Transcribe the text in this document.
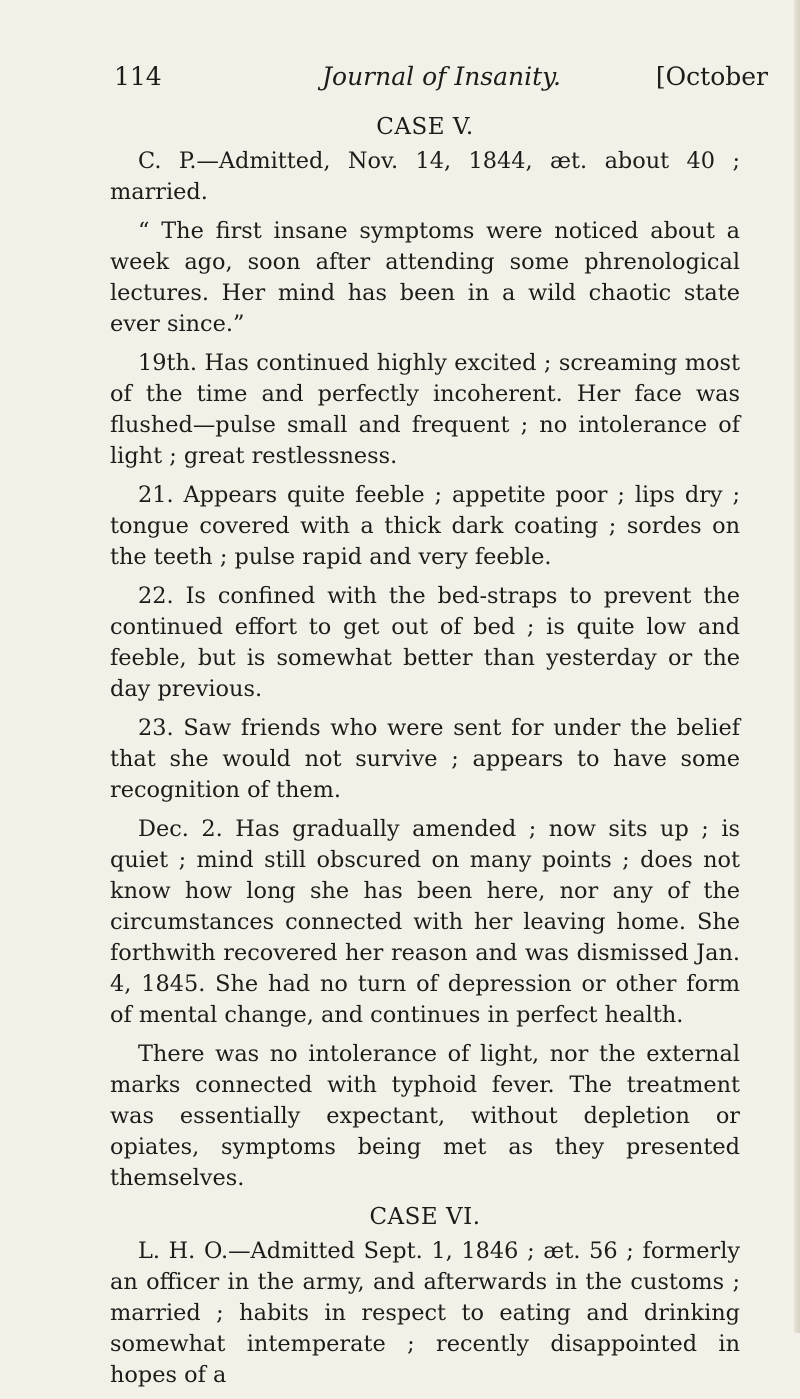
114	Journal of Insanity.	[October
CASE V.

C. P.—Admitted, Nov. 14, 1844, æt. about 40 ; married.

“ The first insane symptoms were noticed about a week ago, soon after attending some phrenological lectures. Her mind has been in a wild chaotic state ever since.”

19th. Has continued highly excited ; screaming most of the time and perfectly incoherent. Her face was flushed—pulse small and frequent ; no intolerance of light ; great restlessness.

21. Appears quite feeble ; appetite poor ; lips dry ; tongue covered with a thick dark coating ; sordes on the teeth ; pulse rapid and very feeble.

22. Is confined with the bed-straps to prevent the continued effort to get out of bed ; is quite low and feeble, but is somewhat better than yesterday or the day previous.

23. Saw friends who were sent for under the belief that she would not survive ; appears to have some recognition of them.

Dec. 2. Has gradually amended ; now sits up ; is quiet ; mind still obscured on many points ; does not know how long she has been here, nor any of the circumstances connected with her leaving home. She forthwith recovered her reason and was dismissed Jan. 4, 1845. She had no turn of depression or other form of mental change, and continues in perfect health.

There was no intolerance of light, nor the external marks connected with typhoid fever. The treatment was essentially expectant, without depletion or opiates, symptoms being met as they presented themselves.

CASE VI.

L. H. O.—Admitted Sept. 1, 1846 ; æt. 56 ; formerly an officer in the army, and afterwards in the customs ; married ; habits in respect to eating and drinking somewhat intemperate ; recently disappointed in hopes of a
